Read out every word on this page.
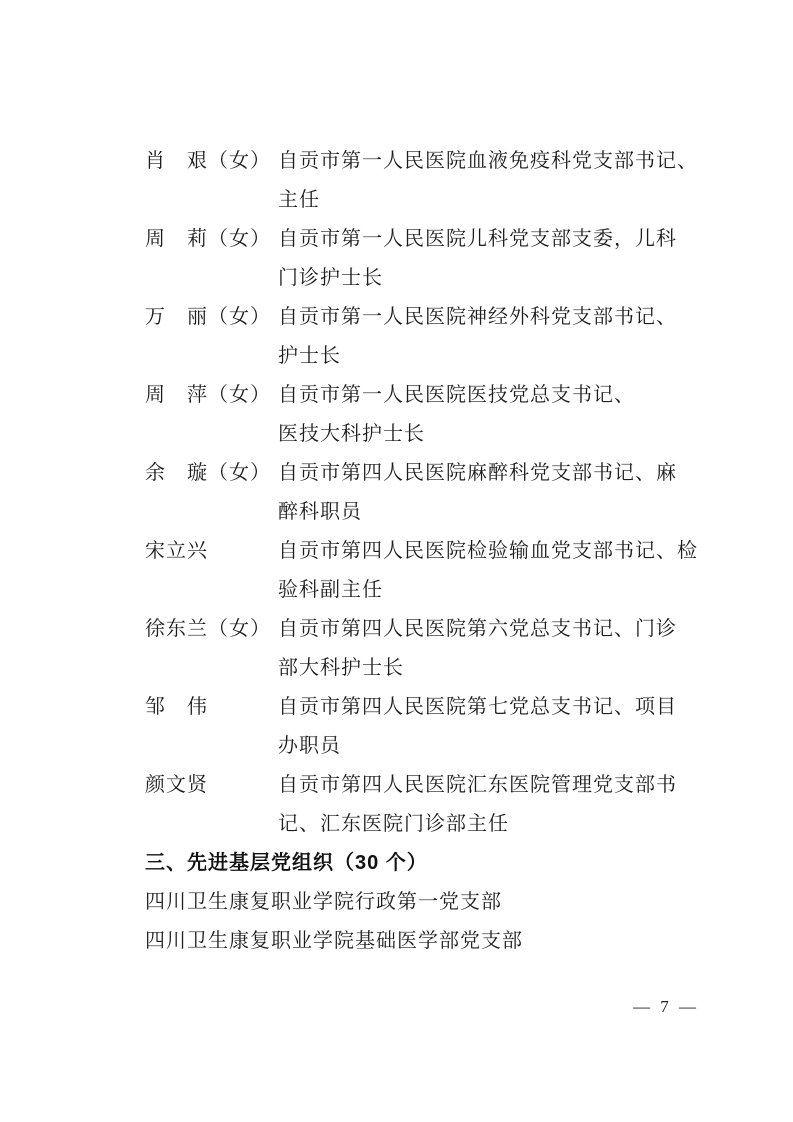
肖　艰（女） 自贡市第一人民医院血液免疫科党支部书记、
主任
周　莉（女） 自贡市第一人民医院儿科党支部支委，儿科
门诊护士长
万　丽（女） 自贡市第一人民医院神经外科党支部书记、
护士长
周　萍（女） 自贡市第一人民医院医技党总支书记、
医技大科护士长
余　璇（女） 自贡市第四人民医院麻醉科党支部书记、麻
醉科职员
宋立兴	自贡市第四人民医院检验输血党支部书记、检
验科副主任
徐东兰（女） 自贡市第四人民医院第六党总支书记、门诊
部大科护士长
邹　伟	自贡市第四人民医院第七党总支书记、项目
办职员
颜文贤	自贡市第四人民医院汇东医院管理党支部书
记、汇东医院门诊部主任
三、先进基层党组织（30 个）
四川卫生康复职业学院行政第一党支部
四川卫生康复职业学院基础医学部党支部
— 7 —
